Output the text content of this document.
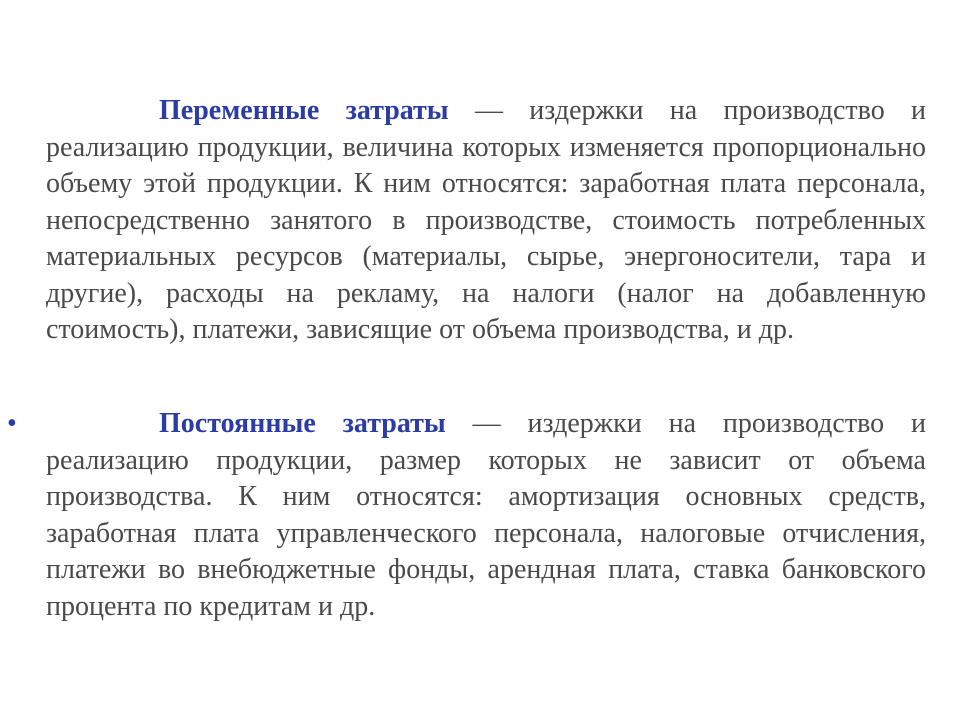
Переменные затраты — издержки на производство и реализацию продукции, величина которых изменяется пропорционально объему этой продукции. К ним относятся: заработная плата персонала, непосредственно занятого в производстве, стоимость потребленных материальных ресурсов (материалы, сырье, энергоносители, тара и другие), расходы на рекламу, на налоги (налог на добавленную стоимость), платежи, зависящие от объема производства, и др.

•	Постоянные затраты — издержки на производство и реализацию продукции, размер которых не зависит от объема производства. К ним относятся: амортизация основных средств, заработная плата управленческого персонала, налоговые отчисления, платежи во внебюджетные фонды, арендная плата, ставка банковского процента по кредитам и др.
